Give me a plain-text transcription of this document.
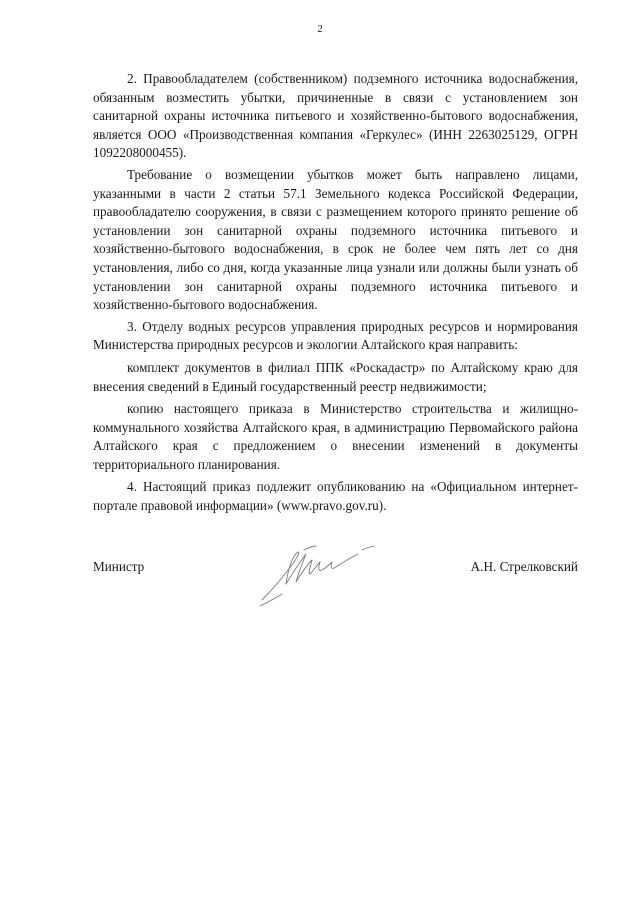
2

2. Правообладателем (собственником) подземного источника водоснабжения, обязанным возместить убытки, причиненные в связи с установлением зон санитарной охраны источника питьевого и хозяйственно-бытового водоснабжения, является ООО «Производственная компания «Геркулес» (ИНН 2263025129, ОГРН 1092208000455).

Требование о возмещении убытков может быть направлено лицами, указанными в части 2 статьи 57.1 Земельного кодекса Российской Федерации, правообладателю сооружения, в связи с размещением которого принято решение об установлении зон санитарной охраны подземного источника питьевого и хозяйственно-бытового водоснабжения, в срок не более чем пять лет со дня установления, либо со дня, когда указанные лица узнали или должны были узнать об установлении зон санитарной охраны подземного источника питьевого и хозяйственно-бытового водоснабжения.

3. Отделу водных ресурсов управления природных ресурсов и нормирования Министерства природных ресурсов и экологии Алтайского края направить:

комплект документов в филиал ППК «Роскадастр» по Алтайскому краю для внесения сведений в Единый государственный реестр недвижимости;

копию настоящего приказа в Министерство строительства и жилищно-коммунального хозяйства Алтайского края, в администрацию Первомайского района Алтайского края с предложением о внесении изменений в документы территориального планирования.

4. Настоящий приказ подлежит опубликованию на «Официальном интернет-портале правовой информации» (www.pravo.gov.ru).

Министр	А.Н. Стрелковский
